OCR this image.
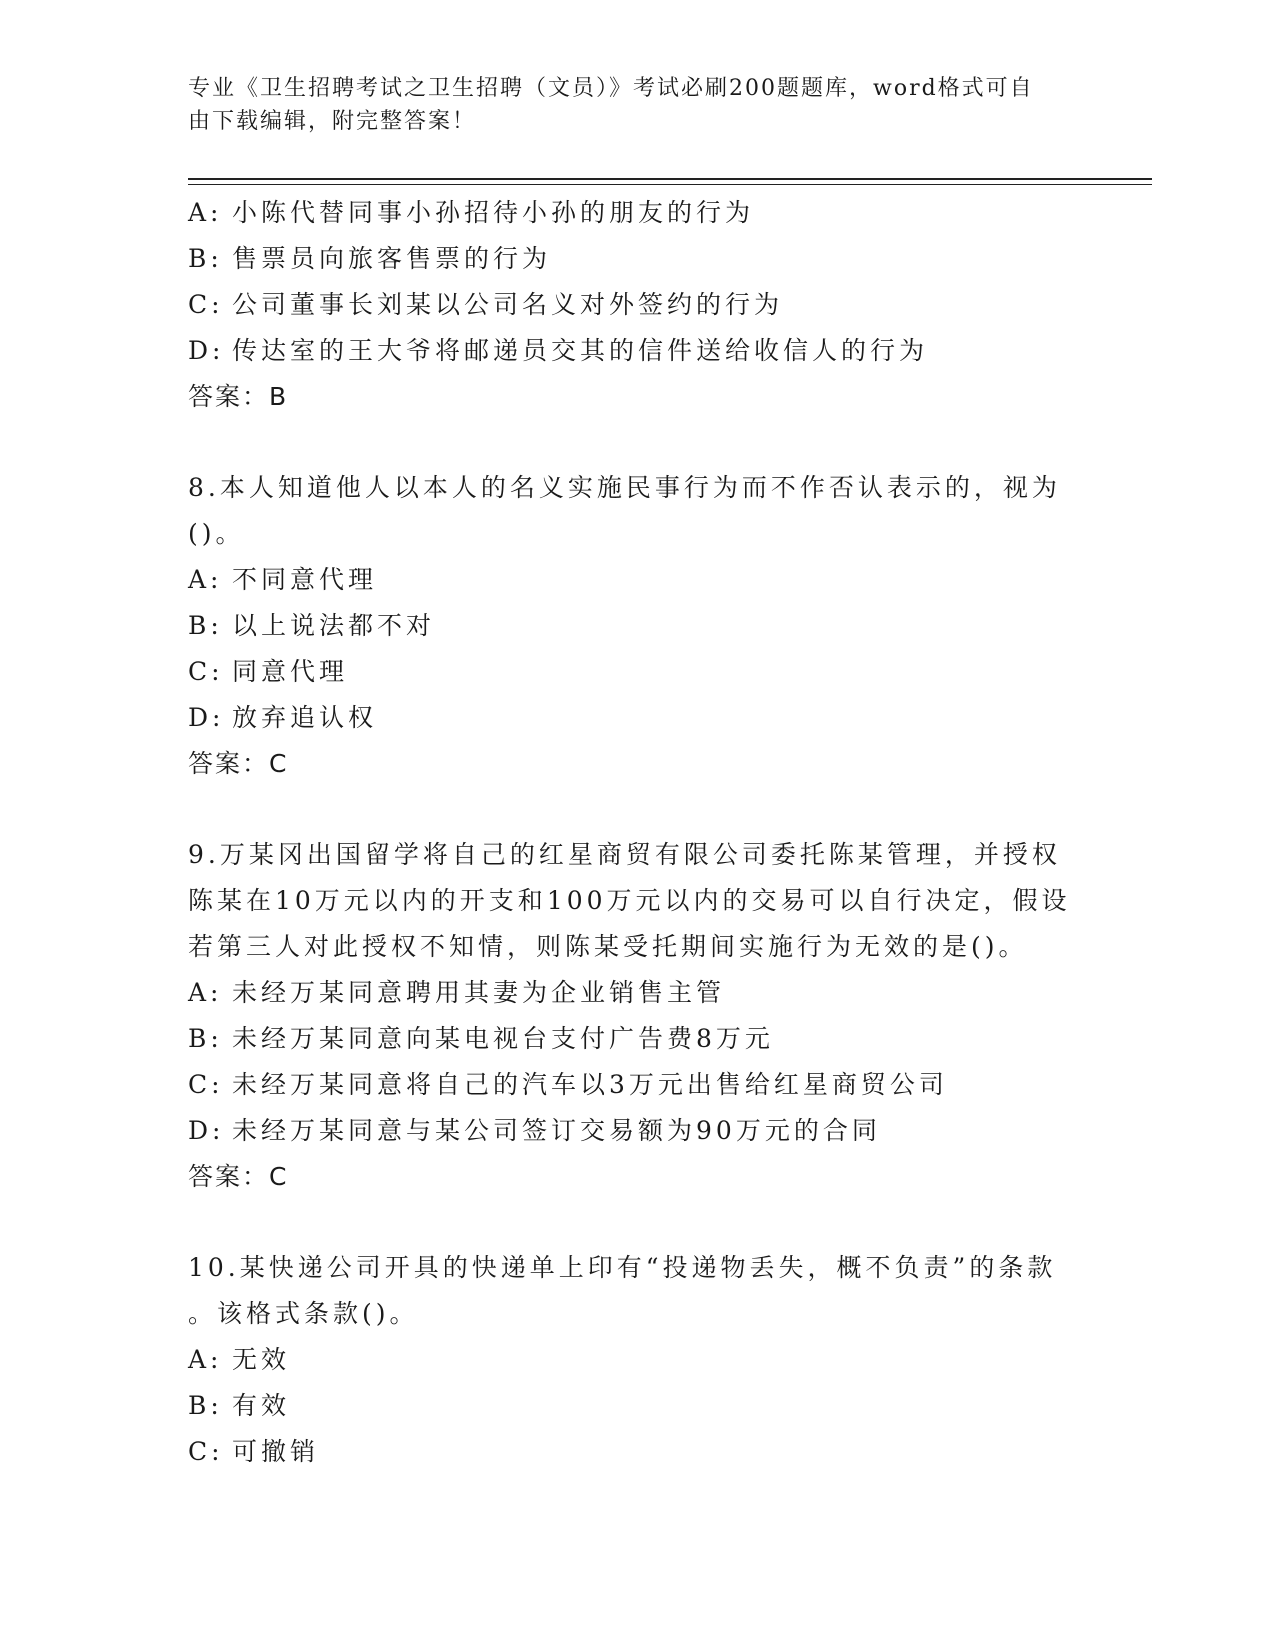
专业《卫生招聘考试之卫生招聘（文员）》考试必刷200题题库，word格式可自
由下载编辑，附完整答案！
A: 小陈代替同事小孙招待小孙的朋友的行为
B: 售票员向旅客售票的行为
C: 公司董事长刘某以公司名义对外签约的行为
D: 传达室的王大爷将邮递员交其的信件送给收信人的行为
答案：B
8.本人知道他人以本人的名义实施民事行为而不作否认表示的，视为
()。
A: 不同意代理
B: 以上说法都不对
C: 同意代理
D: 放弃追认权
答案：C
9.万某冈出国留学将自己的红星商贸有限公司委托陈某管理，并授权
陈某在10万元以内的开支和100万元以内的交易可以自行决定，假设
若第三人对此授权不知情，则陈某受托期间实施行为无效的是()。
A: 未经万某同意聘用其妻为企业销售主管
B: 未经万某同意向某电视台支付广告费8万元
C: 未经万某同意将自己的汽车以3万元出售给红星商贸公司
D: 未经万某同意与某公司签订交易额为90万元的合同
答案：C
10.某快递公司开具的快递单上印有“投递物丢失，概不负责”的条款
。该格式条款()。
A: 无效
B: 有效
C: 可撤销
